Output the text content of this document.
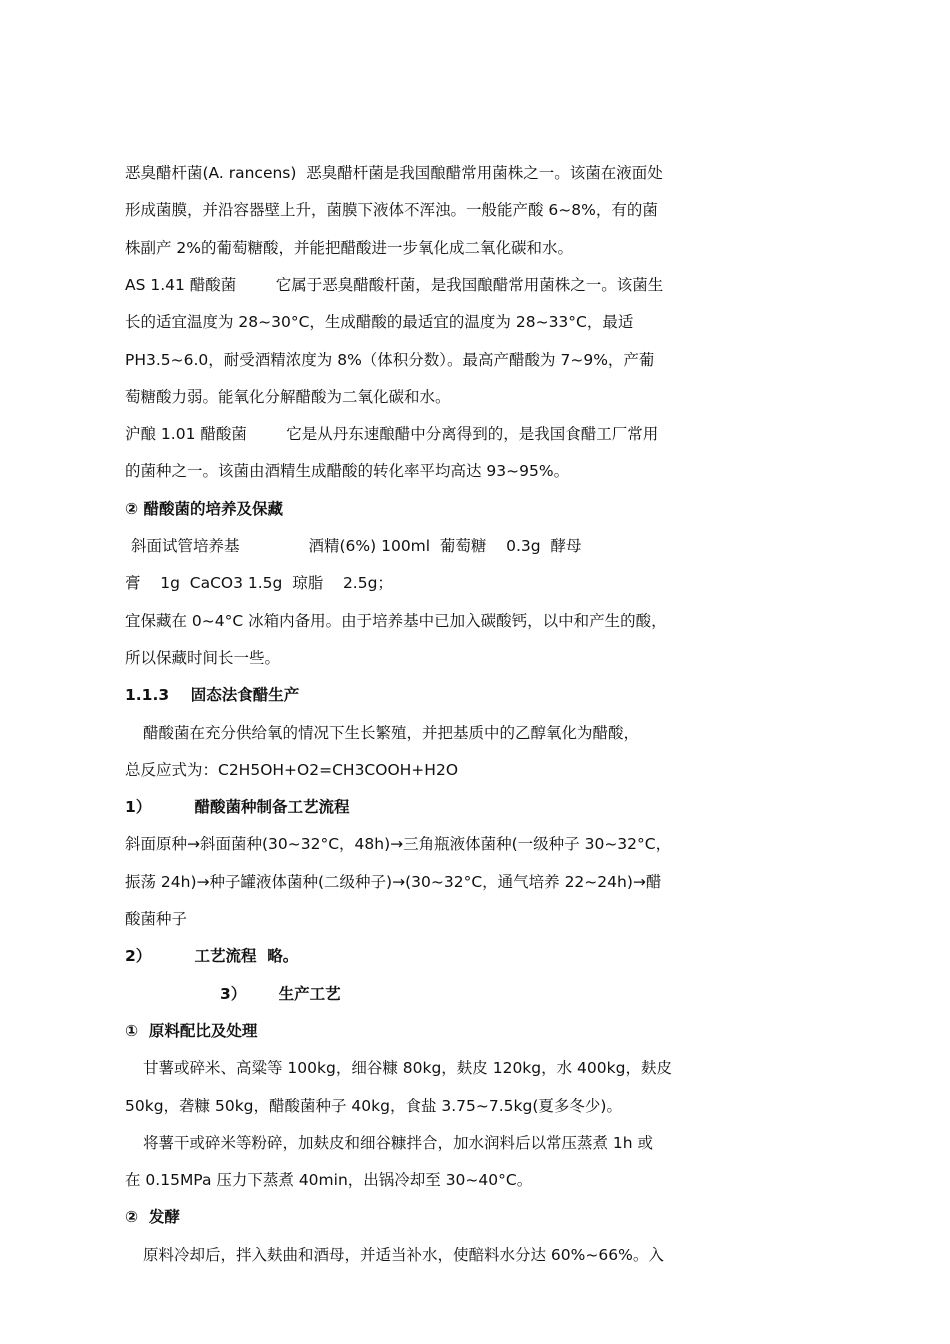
恶臭醋杆菌(A. rancens)  恶臭醋杆菌是我国酿醋常用菌株之一。该菌在液面处
形成菌膜，并沿容器壁上升，菌膜下液体不浑浊。一般能产酸 6~8%，有的菌
株副产 2%的葡萄糖酸，并能把醋酸进一步氧化成二氧化碳和水。
AS 1.41 醋酸菌        它属于恶臭醋酸杆菌，是我国酿醋常用菌株之一。该菌生
长的适宜温度为 28~30°C，生成醋酸的最适宜的温度为 28~33°C，最适
PH3.5~6.0，耐受酒精浓度为 8%（体积分数）。最高产醋酸为 7~9%，产葡
萄糖酸力弱。能氧化分解醋酸为二氧化碳和水。
沪酿 1.01 醋酸菌        它是从丹东速酿醋中分离得到的，是我国食醋工厂常用
的菌种之一。该菌由酒精生成醋酸的转化率平均高达 93~95%。
② 醋酸菌的培养及保藏
斜面试管培养基              酒精(6%) 100ml  葡萄糖    0.3g  酵母
膏    1g  CaCO3 1.5g  琼脂    2.5g；
宜保藏在 0~4°C 冰箱内备用。由于培养基中已加入碳酸钙，以中和产生的酸，
所以保藏时间长一些。
1.1.3    固态法食醋生产
醋酸菌在充分供给氧的情况下生长繁殖，并把基质中的乙醇氧化为醋酸，
总反应式为：C2H5OH+O2=CH3COOH+H2O
1）        醋酸菌种制备工艺流程
斜面原种→斜面菌种(30~32°C，48h)→三角瓶液体菌种(一级种子 30~32°C，
振荡 24h)→种子罐液体菌种(二级种子)→(30~32°C，通气培养 22~24h)→醋
酸菌种子
2）        工艺流程  略。
3）      生产工艺
①  原料配比及处理
甘薯或碎米、高粱等 100kg，细谷糠 80kg，麸皮 120kg，水 400kg，麸皮
50kg，砻糠 50kg，醋酸菌种子 40kg，食盐 3.75~7.5kg(夏多冬少)。
将薯干或碎米等粉碎，加麸皮和细谷糠拌合，加水润料后以常压蒸煮 1h 或
在 0.15MPa 压力下蒸煮 40min，出锅冷却至 30~40°C。
②  发酵
原料冷却后，拌入麸曲和酒母，并适当补水，使醅料水分达 60%~66%。入
